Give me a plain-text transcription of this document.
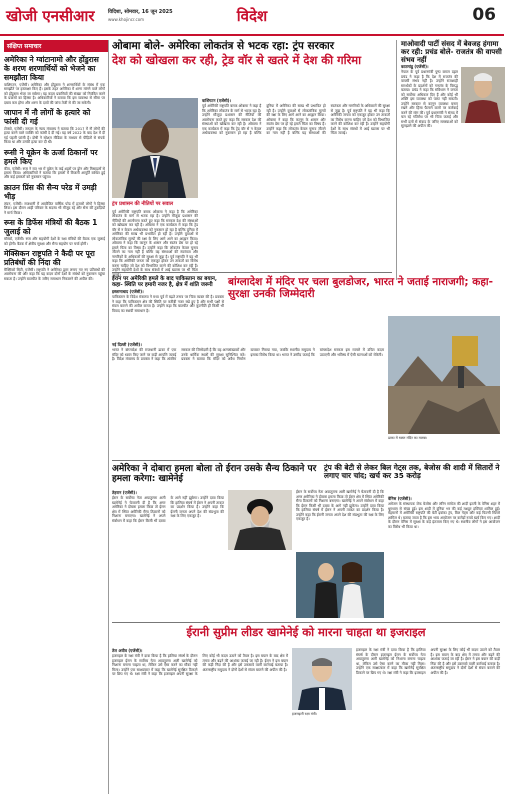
खोजी एनसीआर	विदिशा, सोमवार, 16 जून 2025
www.khojincr.com	विदेश	06
संक्षिप्त समाचार
अमेरिका ने ग्वांटानामो और होंडुरास के शरण शरणार्थियों को भेजने का समझौता किया
वाशिंगटन, एजेंसी। अमेरिका और होंडुरास ने शरणार्थियों के संबंध में एक समझौते पर हस्ताक्षर किए हैं। इसके तहत अमेरिका में शरण मांगने वाले लोगों को होंडुरास भेजा जा सकेगा। यह कदम प्रवासियों की संख्या को नियंत्रित करने के प्रयासों का हिस्सा है। अधिकारियों ने बताया कि इस व्यवस्था से सीमा पर दबाव कम होगा और शरण के दावों की जांच तेजी से की जा सकेगी।
जापान में नौ लोगों के हत्यारे को फांसी दी गई
टोक्यो, एजेंसी। जापान के न्याय मंत्रालय ने बताया कि 2017 में नौ लोगों की हत्या करने वाले व्यक्ति को फांसी दे दी गई। यह वर्ष 2022 के बाद देश में दी गई पहली फांसी है। दोषी ने सोशल मीडिया के माध्यम से पीड़ितों से संपर्क किया था और उनकी हत्या कर दी थी।
रूसी ने यूक्रेन के ऊर्जा ठिकानों पर हमले किए
कीव, एजेंसी। रूस ने रात भर में यूक्रेन के कई शहरों पर ड्रोन और मिसाइलों से हमला किया। अधिकारियों ने बताया कि हमलों में बिजली आपूर्ति बाधित हुई और कई इमारतों को नुकसान पहुंचा।
क्राउन प्रिंस की सैन्य परेड में उमड़ी भीड़
लंदन, एजेंसी। राजधानी में आयोजित वार्षिक परेड में हजारों लोगों ने हिस्सा लिया। इस दौरान शाही परिवार के सदस्य भी मौजूद रहे और सेना की टुकड़ियों ने मार्च किया।
रूस के डिफेंस मंत्रियों की बैठक 1 जुलाई को
मॉस्को, एजेंसी। रूस और सहयोगी देशों के रक्षा मंत्रियों की बैठक एक जुलाई को होगी। बैठक में क्षेत्रीय सुरक्षा और सैन्य सहयोग पर चर्चा होगी।
मेक्सिकन राष्ट्रपति ने कैदी पर पूरा प्रतिबंधों की निंदा की
मैक्सिको सिटी, एजेंसी। राष्ट्रपति ने अमेरिका द्वारा लगाए गए नए प्रतिबंधों की आलोचना की और कहा कि यह कदम दोनों देशों के संबंधों को नुकसान पहुंचा सकता है। उन्होंने बातचीत के जरिए समाधान निकालने की अपील की।
ओबामा बोले- अमेरिका लोकतंत्र से भटक रहा: ट्रंप सरकार
देश को खोखला कर रही, ट्रेड वॉर से खतरे में देश की गरिमा
वाशिंगटन (एजेंसी)।
पूर्व अमेरिकी राष्ट्रपति बराक ओबामा ने कहा है कि अमेरिका लोकतंत्र के मार्ग से भटक रहा है। उन्होंने मौजूदा प्रशासन की नीतियों की आलोचना करते हुए कहा कि सरकार देश की संस्थाओं को खोखला कर रही है। ओबामा ने एक कार्यक्रम में कहा कि ट्रेड वॉर से न केवल अर्थव्यवस्था को नुकसान हो रहा है बल्कि दुनिया में अमेरिका की साख भी प्रभावित हो रही है। उन्होंने युवाओं से लोकतांत्रिक मूल्यों की रक्षा के लिए आगे आने का आह्वान किया। ओबामा ने कहा कि कानून के शासन और स्वतंत्र प्रेस पर हो रहे हमले चिंता का विषय हैं। उन्होंने कहा कि लोकतंत्र केवल चुनाव जीतने का नाम नहीं है बल्कि यह संस्थाओं की स्वतंत्रता और नागरिकों के अधिकारों की सुरक्षा से जुड़ा है। पूर्व राष्ट्रपति ने यह भी कहा कि अमेरिकी जनता को एकजुट होकर उन ताकतों का विरोध करना चाहिए जो देश को विभाजित करने की कोशिश कर रही हैं। उन्होंने सहयोगी देशों के साथ संबंधों में आई खटास पर भी चिंता जताई।
ट्रंप प्रशासन की नीतियों पर सवाल
पूर्व अमेरिकी राष्ट्रपति बराक ओबामा ने कहा है कि अमेरिका लोकतंत्र के मार्ग से भटक रहा है। उन्होंने मौजूदा प्रशासन की नीतियों की आलोचना करते हुए कहा कि सरकार देश की संस्थाओं को खोखला कर रही है। ओबामा ने एक कार्यक्रम में कहा कि ट्रेड वॉर से न केवल अर्थव्यवस्था को नुकसान हो रहा है बल्कि दुनिया में अमेरिका की साख भी प्रभावित हो रही है। उन्होंने युवाओं से लोकतांत्रिक मूल्यों की रक्षा के लिए आगे आने का आह्वान किया। ओबामा ने कहा कि कानून के शासन और स्वतंत्र प्रेस पर हो रहे हमले चिंता का विषय हैं। उन्होंने कहा कि लोकतंत्र केवल चुनाव जीतने का नाम नहीं है बल्कि यह संस्थाओं की स्वतंत्रता और नागरिकों के अधिकारों की सुरक्षा से जुड़ा है। पूर्व राष्ट्रपति ने यह भी कहा कि अमेरिकी जनता को एकजुट होकर उन ताकतों का विरोध करना चाहिए जो देश को विभाजित करने की कोशिश कर रही हैं। उन्होंने सहयोगी देशों के साथ संबंधों में आई खटास पर भी चिंता जताई।
माओवादी पार्टी संसद में बेवजह हंगामा कर रही: प्रचंड बोले- राजतंत्र की वापसी संभव नहीं
काठमांडू (एजेंसी)।
नेपाल के पूर्व प्रधानमंत्री पुष्प कमल दहल प्रचंड ने कहा है कि देश में राजतंत्र की वापसी संभव नहीं है। उन्होंने राजशाही समर्थकों के प्रदर्शनों को गणतंत्र के विरुद्ध बताया। प्रचंड ने कहा कि संविधान ने जनता को सर्वोच्च अधिकार दिए हैं और कोई भी शक्ति इस व्यवस्था को पलट नहीं सकती। उन्होंने सरकार से कानून व्यवस्था बनाए रखने और हिंसा फैलाने वालों पर कार्रवाई करने की मांग की। पूर्व प्रधानमंत्री ने संसद में चल रहे गतिरोध पर भी चिंता जताई और सभी दलों से संवाद के जरिए समस्याओं को सुलझाने की अपील की।
ईरान पर अमेरिकी हमले के बाद पाकिस्तान का बयान, कहा- स्थिति पर हमारी नजर है, क्षेत्र में शांति जरूरी
इस्लामाबाद (एजेंसी)।
पाकिस्तान के विदेश मंत्रालय ने मध्य पूर्व में बढ़ते तनाव पर चिंता व्यक्त की है। प्रवक्ता ने कहा कि पाकिस्तान क्षेत्र की स्थिति पर करीबी नजर रखे हुए है और सभी पक्षों से संयम बरतने की अपील करता है। उन्होंने कहा कि बातचीत और कूटनीति ही किसी भी विवाद का स्थायी समाधान है।
बांग्लादेश में मंदिर पर चला बुलडोजर, भारत ने जताई नाराजगी; कहा- सुरक्षा उनकी जिम्मेदारी
नई दिल्ली (एजेंसी)।
भारत ने बांग्लादेश की राजधानी ढाका में एक मंदिर को ध्वस्त किए जाने पर कड़ी आपत्ति जताई है। विदेश मंत्रालय के प्रवक्ता ने कहा कि अंतरिम सरकार की जिम्मेदारी है कि वह अल्पसंख्यकों और उनके धार्मिक स्थलों की सुरक्षा सुनिश्चित करे। प्रवक्ता ने बताया कि मंदिर को अवैध निर्माण बताकर गिराया गया, जबकि स्थानीय समुदाय ने इसका विरोध किया था। भारत ने उम्मीद जताई कि बांग्लादेश सरकार इस मामले में उचित कदम उठाएगी और भविष्य में ऐसी घटनाओं को रोकेगी।
ढाका में ध्वस्त मंदिर का मलबा।
अमेरिका ने दोबारा हमला बोला तो ईरान उसके सैन्य ठिकाने पर हमला करेगा: खामेनेई
तेहरान (एजेंसी)।
ईरान के सर्वोच्च नेता अयातुल्ला अली खामेनेई ने चेतावनी दी है कि अगर अमेरिका ने दोबारा हमला किया तो ईरान क्षेत्र में स्थित अमेरिकी सैन्य ठिकानों को निशाना बनाएगा। खामेनेई ने अपने संबोधन में कहा कि ईरान किसी भी दबाव के आगे नहीं झुकेगा। उन्होंने दावा किया कि हालिया संघर्ष में ईरान ने अपनी ताकत का प्रदर्शन किया है। उन्होंने कहा कि ईरानी जनता अपने देश की संप्रभुता की रक्षा के लिए एकजुट है।
ईरान के सर्वोच्च नेता अयातुल्ला अली खामेनेई ने चेतावनी दी है कि अगर अमेरिका ने दोबारा हमला किया तो ईरान क्षेत्र में स्थित अमेरिकी सैन्य ठिकानों को निशाना बनाएगा। खामेनेई ने अपने संबोधन में कहा कि ईरान किसी भी दबाव के आगे नहीं झुकेगा। उन्होंने दावा किया कि हालिया संघर्ष में ईरान ने अपनी ताकत का प्रदर्शन किया है। उन्होंने कहा कि ईरानी जनता अपने देश की संप्रभुता की रक्षा के लिए एकजुट है।
ट्रंप की बेटी से लेकर बिल गेट्स तक, बेजोस की शादी में सितारों ने लगाए चार चांद; खर्च कर 35 करोड़
वेनिस (एजेंसी)।
अमेजन के संस्थापक जेफ बेजोस और लॉरेन सांचेज की शादी इटली के वेनिस शहर में धूमधाम से संपन्न हुई। इस शादी में दुनिया भर की कई मशहूर हस्तियां शामिल हुईं। मेहमानों में अमेरिकी राष्ट्रपति की बेटी इवांका ट्रंप, बिल गेट्स और कई फिल्मी सितारे शामिल थे। बताया जाता है कि इस भव्य आयोजन पर करोड़ों रुपये खर्च किए गए। शादी के दौरान वेनिस में सुरक्षा के कड़े इंतजाम किए गए थे। स्थानीय लोगों ने इस आयोजन का विरोध भी किया था।
ईरानी सुप्रीम लीडर खामेनेई को मारना चाहता था इजराइल
तेल अवीव (एजेंसी)।
इजराइल के रक्षा मंत्री ने दावा किया है कि हालिया संघर्ष के दौरान इजराइल ईरान के सर्वोच्च नेता अयातुल्ला अली खामेनेई को निशाना बनाना चाहता था, लेकिन उसे ऐसा करने का मौका नहीं मिला। उन्होंने एक साक्षात्कार में कहा कि खामेनेई सुरक्षित ठिकाने पर छिप गए थे। रक्षा मंत्री ने कहा कि इजराइल अपनी सुरक्षा के लिए कोई भी कदम उठाने को तैयार है। इस बयान के बाद क्षेत्र में तनाव और बढ़ने की आशंका जताई जा रही है। ईरान ने इस बयान की कड़ी निंदा की है और इसे उकसावे वाली कार्रवाई बताया है। अंतरराष्ट्रीय समुदाय ने दोनों देशों से संयम बरतने की अपील की है।
इजराइली रक्षा मंत्री।
इजराइल के रक्षा मंत्री ने दावा किया है कि हालिया संघर्ष के दौरान इजराइल ईरान के सर्वोच्च नेता अयातुल्ला अली खामेनेई को निशाना बनाना चाहता था, लेकिन उसे ऐसा करने का मौका नहीं मिला। उन्होंने एक साक्षात्कार में कहा कि खामेनेई सुरक्षित ठिकाने पर छिप गए थे। रक्षा मंत्री ने कहा कि इजराइल अपनी सुरक्षा के लिए कोई भी कदम उठाने को तैयार है। इस बयान के बाद क्षेत्र में तनाव और बढ़ने की आशंका जताई जा रही है। ईरान ने इस बयान की कड़ी निंदा की है और इसे उकसावे वाली कार्रवाई बताया है। अंतरराष्ट्रीय समुदाय ने दोनों देशों से संयम बरतने की अपील की है।
